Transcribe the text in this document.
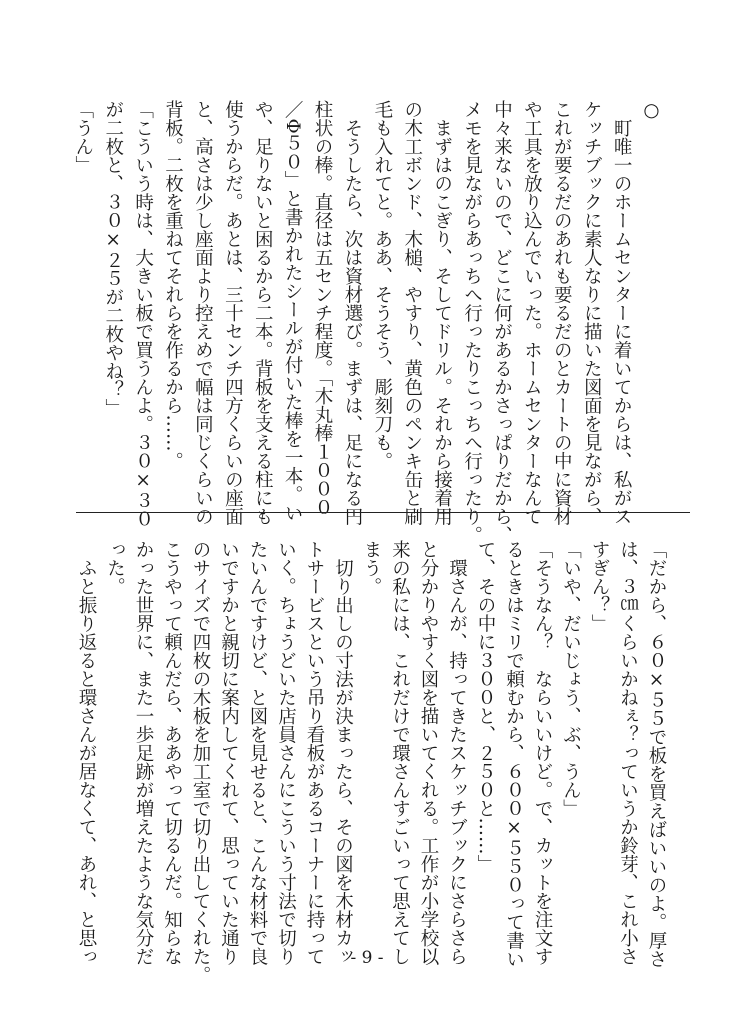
○
　町唯一のホームセンターに着いてからは、私がス
ケッチブックに素人なりに描いた図面を見ながら、
これが要るだのあれも要るだのとカートの中に資材
や工具を放り込んでいった。ホームセンターなんて
中々来ないので、どこに何があるかさっぱりだから、
メモを見ながらあっちへ行ったりこっちへ行ったり。
　まずはのこぎり、そしてドリル。それから接着用
の木工ボンド、木槌、やすり、黄色のペンキ缶と刷
毛も入れてと。ああ、そうそう、彫刻刀も。
　そうしたら、次は資材選び。まずは、足になる円
柱状の棒。直径は五センチ程度。「木丸棒１０００
／Φ５０」と書かれたシールが付いた棒を一本。い
や、足りないと困るから二本。背板を支える柱にも
使うからだ。あとは、三十センチ四方くらいの座面
と、高さは少し座面より控えめで幅は同じくらいの
背板。二枚を重ねてそれらを作るから……。
「こういう時は、大きい板で買うんよ。３０×３０
が二枚と、３０×２５が二枚やね？」
「うん」
「だから、６０×５５で板を買えばいいのよ。厚さ
は、３㎝くらいかねぇ？っていうか鈴芽、これ小さ
すぎん？」
「いや、だいじょう、ぶ、うん」
「そうなん？　ならいいけど。で、カットを注文す
るときはミリで頼むから、６００×５５０って書い
て、その中に３００と、２５０と……」
　環さんが、持ってきたスケッチブックにさらさら
と分かりやすく図を描いてくれる。工作が小学校以
来の私には、これだけで環さんすごいって思えてし
まう。
　切り出しの寸法が決まったら、その図を木材カッ
トサービスという吊り看板があるコーナーに持って
いく。ちょうどいた店員さんにこういう寸法で切り
たいんですけど、と図を見せると、こんな材料で良
いですかと親切に案内してくれて、思っていた通り
のサイズで四枚の木板を加工室で切り出してくれた。
こうやって頼んだら、ああやって切るんだ。知らな
かった世界に、また一歩足跡が増えたような気分だ
った。
　ふと振り返ると環さんが居なくて、あれ、と思っ	- 9 -
